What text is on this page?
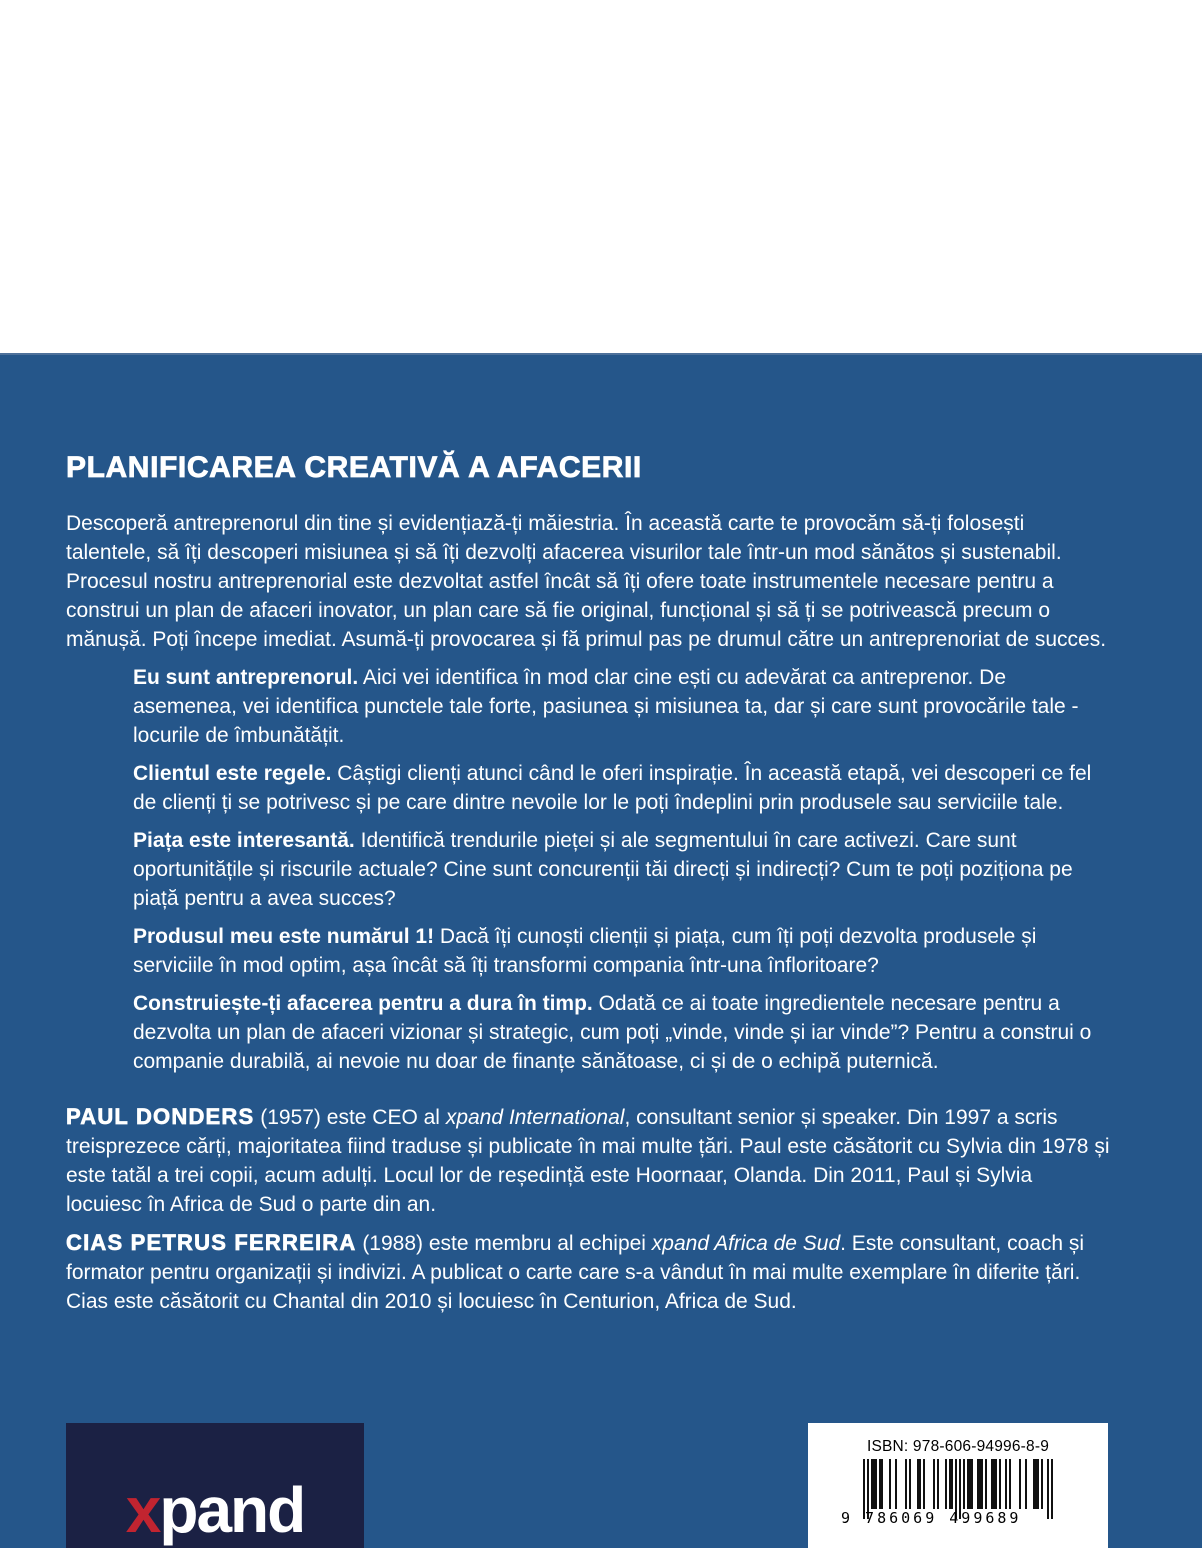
PLANIFICAREA CREATIVĂ A AFACERII

Descoperă antreprenorul din tine și evidențiază-ți măiestria. În această carte te provocăm să-ți folosești talentele, să îți descoperi misiunea și să îți dezvolți afacerea visurilor tale într-un mod sănătos și sustenabil. Procesul nostru antreprenorial este dezvoltat astfel încât să îți ofere toate instrumentele necesare pentru a construi un plan de afaceri inovator, un plan care să fie original, funcțional și să ți se potrivească precum o mănușă. Poți începe imediat. Asumă-ți provocarea și fă primul pas pe drumul către un antreprenoriat de succes.

Eu sunt antreprenorul. Aici vei identifica în mod clar cine ești cu adevărat ca antreprenor. De asemenea, vei identifica punctele tale forte, pasiunea și misiunea ta, dar și care sunt provocările tale - locurile de îmbunătățit.

Clientul este regele. Câștigi clienți atunci când le oferi inspirație. În această etapă, vei descoperi ce fel de clienți ți se potrivesc și pe care dintre nevoile lor le poți îndeplini prin produsele sau serviciile tale.

Piața este interesantă. Identifică trendurile pieței și ale segmentului în care activezi. Care sunt oportunitățile și riscurile actuale? Cine sunt concurenții tăi direcți și indirecți? Cum te poți poziționa pe piață pentru a avea succes?

Produsul meu este numărul 1! Dacă îți cunoști clienții și piața, cum îți poți dezvolta produsele și serviciile în mod optim, așa încât să îți transformi compania într-una înfloritoare?

Construiește-ți afacerea pentru a dura în timp. Odată ce ai toate ingredientele necesare pentru a dezvolta un plan de afaceri vizionar și strategic, cum poți „vinde, vinde și iar vinde”? Pentru a construi o companie durabilă, ai nevoie nu doar de finanțe sănătoase, ci și de o echipă puternică.

PAUL DONDERS (1957) este CEO al xpand International, consultant senior și speaker. Din 1997 a scris treisprezece cărți, majoritatea fiind traduse și publicate în mai multe țări. Paul este căsătorit cu Sylvia din 1978 și este tatăl a trei copii, acum adulți. Locul lor de reședință este Hoornaar, Olanda. Din 2011, Paul și Sylvia locuiesc în Africa de Sud o parte din an.

CIAS PETRUS FERREIRA (1988) este membru al echipei xpand Africa de Sud. Este consultant, coach și formator pentru organizații și indivizi. A publicat o carte care s-a vândut în mai multe exemplare în diferite țări. Cias este căsătorit cu Chantal din 2010 și locuiesc în Centurion, Africa de Sud.

xpand
ISBN: 978-606-94996-8-9
9 786069 499689
